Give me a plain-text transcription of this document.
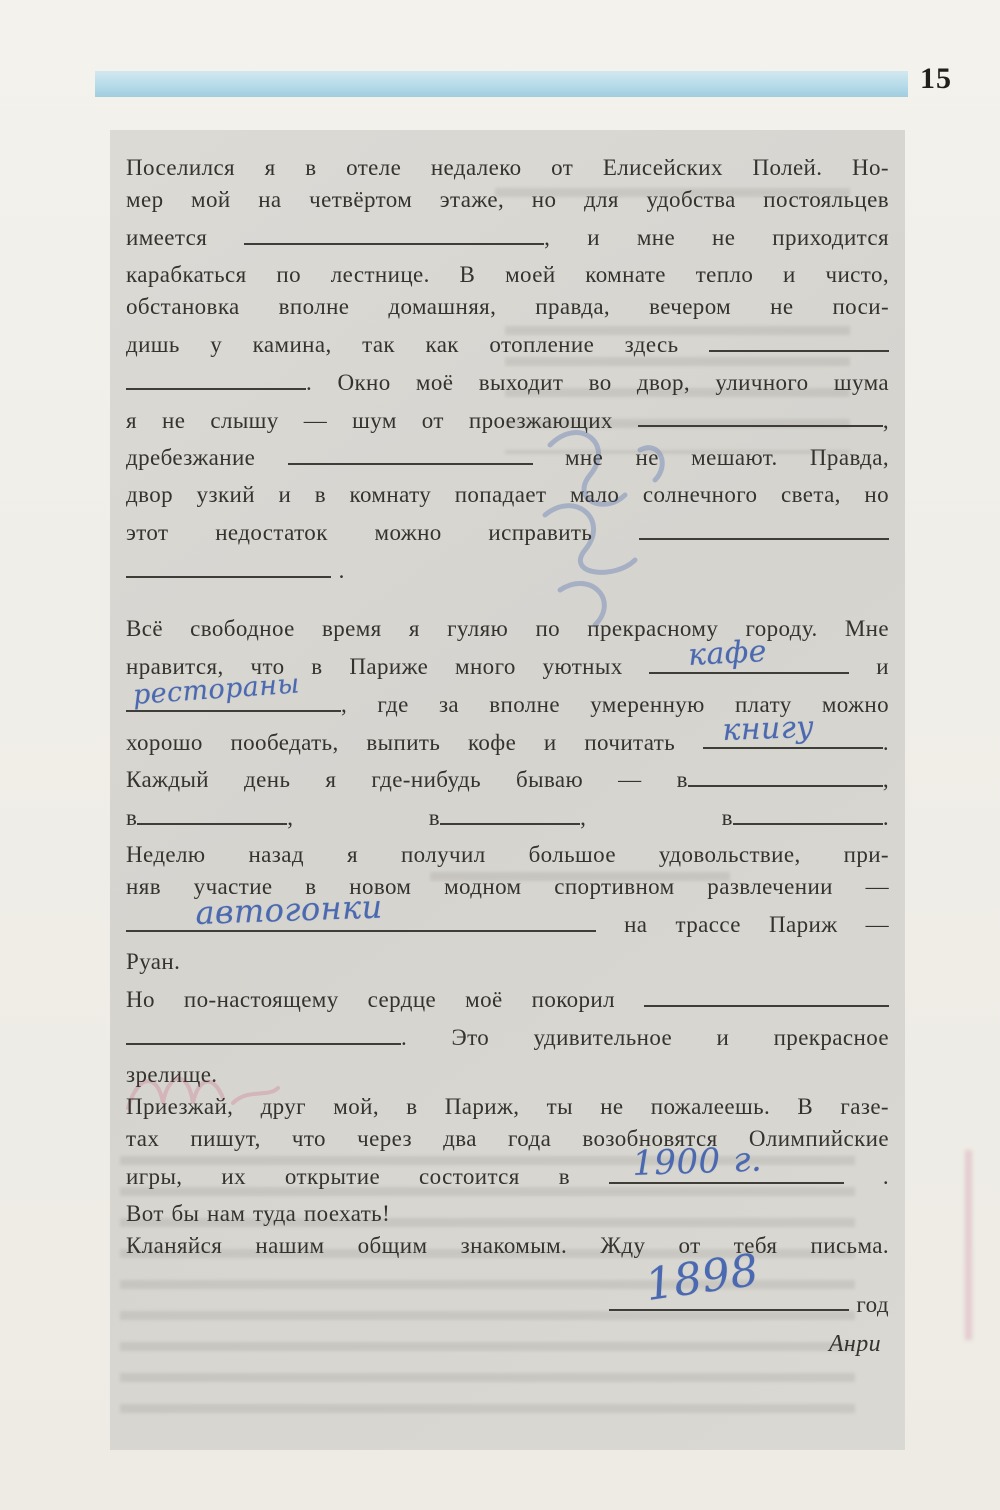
15
Поселился я в отеле недалеко от Елисейских Полей. Но-
мер мой на четвёртом этаже, но для удобства постояльцев
имеется	, и мне не приходится
карабкаться по лестнице. В моей комнате тепло и чисто,
обстановка вполне домашняя, правда, вечером не поси-
дишь у камина, так как отопление здесь
. Окно моё выходит во двор, уличного шума
я не слышу — шум от проезжающих	,
дребезжание	мне не мешают. Правда,
двор узкий и в комнату попадает мало солнечного света, но
этот недостаток можно исправить
.
Всё свободное время я гуляю по прекрасному городу. Мне
нравится, что в Париже много уютных кафе	и
рестораны , где за вполне умеренную плату можно
хорошо пообедать, выпить кофе и почитать книгу	.
Каждый день я где-нибудь бываю — в	,
в	, в	, в	.
Неделю назад я получил большое удовольствие, при-
няв участие в новом модном спортивном развлечении —
автогонки	на трассе Париж —
Руан.
Но по-настоящему сердце моё покорил
. Это удивительное и прекрасное
зрелище.
Приезжай, друг мой, в Париж, ты не пожалеешь. В газе-
тах пишут, что через два года возобновятся Олимпийские
игры, их открытие состоится в 1900 г.	.
Вот бы нам туда поехать!
Кланяйся нашим общим знакомым. Жду от тебя письма.
1898	год
Анри
